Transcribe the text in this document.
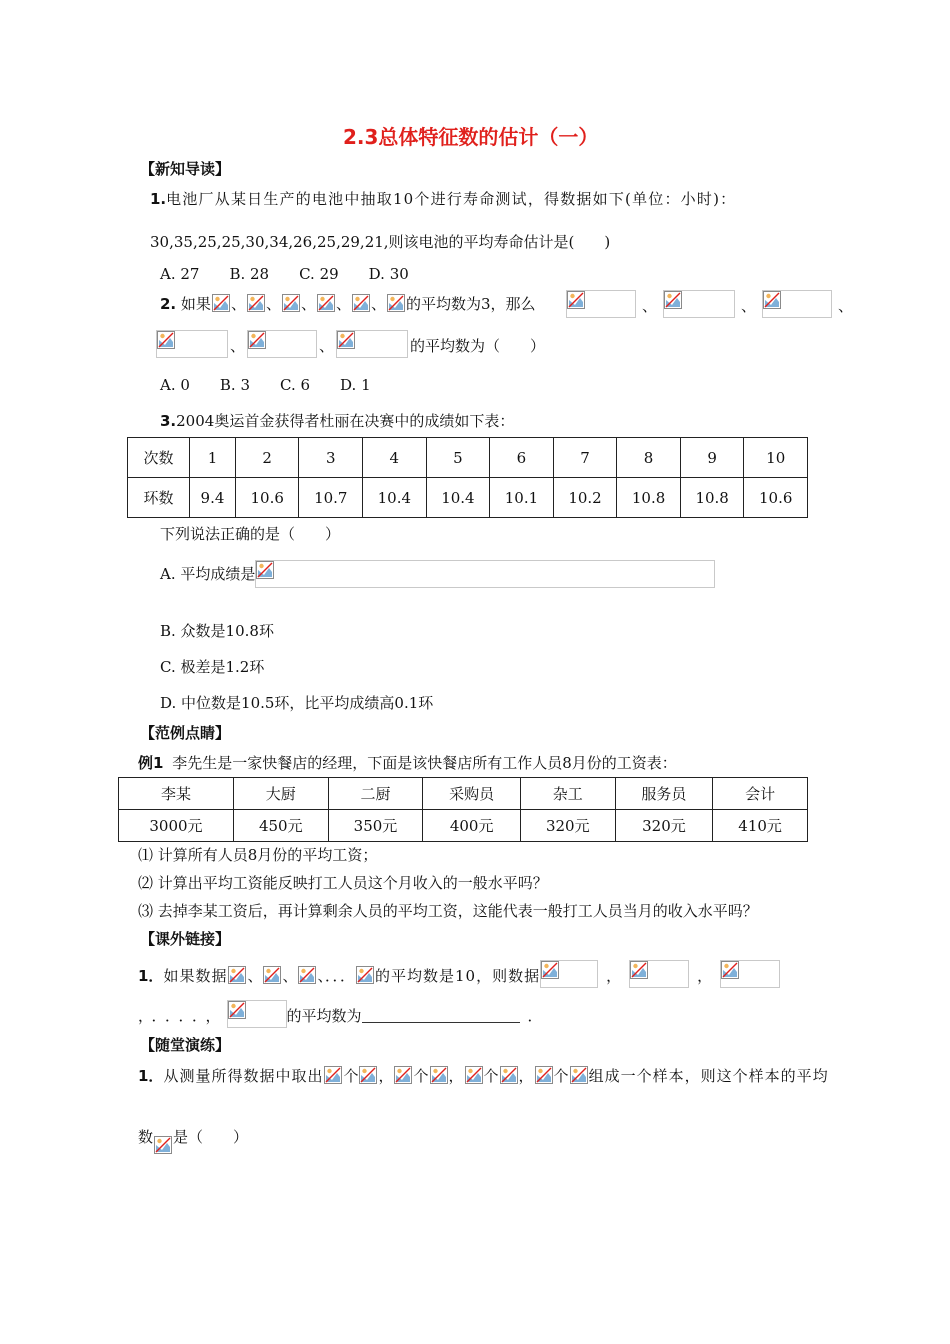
2.3总体特征数的估计（一）
【新知导读】
1.电池厂从某日生产的电池中抽取10个进行寿命测试，得数据如下(单位：小时)：
30,35,25,25,30,34,26,25,29,21,则该电池的平均寿命估计是(　　)
A. 27　　B. 28　　C. 29　　D. 30
2. 如果 、 、 、 、 、 的平均数为3，那么	、	、	、
、	、	的平均数为（　　）
A. 0　　B. 3　　C. 6　　D. 1
3.2004奥运首金获得者杜丽在决赛中的成绩如下表：
次数	1	2	3	4	5	6	7	8	9	10
环数	9.4	10.6	10.7	10.4	10.4	10.1	10.2	10.8	10.8	10.6
下列说法正确的是（　　）
A. 平均成绩是
B. 众数是10.8环
C. 极差是1.2环
D. 中位数是10.5环，比平均成绩高0.1环
【范例点睛】
例1 李先生是一家快餐店的经理，下面是该快餐店所有工作人员8月份的工资表：
李某	大厨	二厨	采购员	杂工	服务员	会计
3000元	450元	350元	400元	320元	320元	410元
⑴ 计算所有人员8月份的平均工资；
⑵ 计算出平均工资能反映打工人员这个月收入的一般水平吗？
⑶ 去掉李某工资后，再计算剩余人员的平均工资，这能代表一般打工人员当月的收入水平吗？
【课外链接】
1．如果数据 、 、 、．．． 的平均数是10，则数据	，	，
，．．．．，	的平均数为	．
【随堂演练】
1．从测量所得数据中取出 个 ， 个 ， 个 ， 个 组成一个样本，则这个样本的平均
数 是（　　）
